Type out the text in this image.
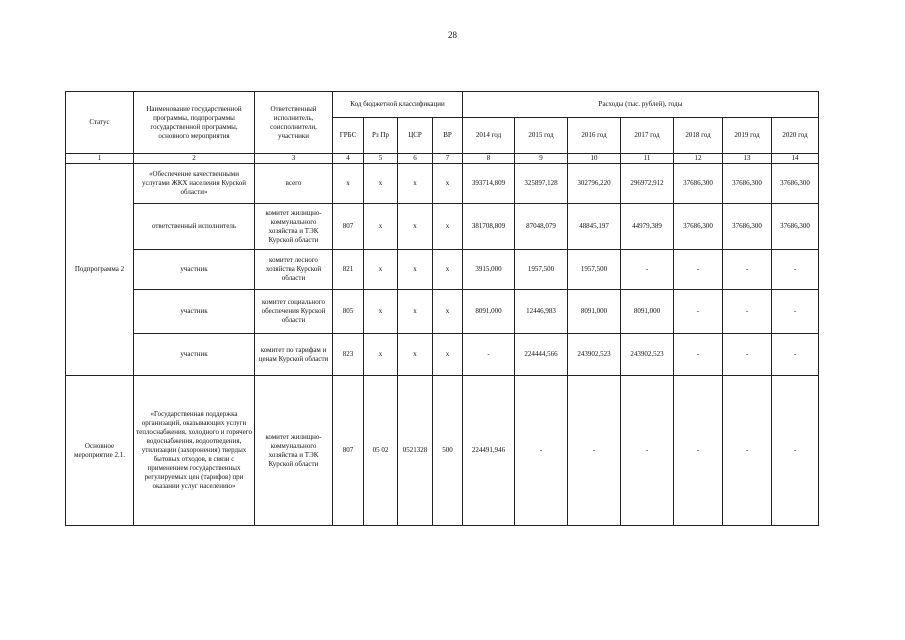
28
Статус	Наименование государственной программы, подпрограммы государственной программы, основного мероприятия	Ответственный исполнитель, соисполнители, участники	Код бюджетной классификации				Расходы (тыс. рублей), годы						
			ГРБС	Рз Пр	ЦСР	ВР	2014 год	2015 год	2016 год	2017 год	2018 год	2019 год	2020 год
1	2	3	4	5	6	7	8	9	10	11	12	13	14
Подпрограмма 2	«Обеспечение качественными услугами ЖКХ населения Курской области»	всего	х	х	х	х	393714,809	325897,128	302796,220	296972,912	37686,300	37686,300	37686,300
	ответственный исполнитель	комитет жилищно-коммунального хозяйства и ТЭК Курской области	807	х	х	х	381708,809	87048,079	48845,197	44979,389	37686,300	37686,300	37686,300
	участник	комитет лесного хозяйства Курской области	821	х	х	х	3915,000	1957,500	1957,500	-	-	-	-
	участник	комитет социального обеспечения Курской области	805	х	х	х	8091,000	12446,983	8091,000	8091,000	-	-	-
	участник	комитет по тарифам и ценам Курской области	823	х	х	х	-	224444,566	243902,523	243902,523	-	-	-
Основное мероприятие 2.1.	«Государственная поддержка организаций, оказывающих услуги теплоснабжения, холодного и горячего водоснабжения, водоотведения, утилизации (захоронения) твердых бытовых отходов, в связи с применением государственных регулируемых цен (тарифов) при оказании услуг населению»	комитет жилищно-коммунального хозяйства и ТЭК Курской области	807	05 02	0521328	500	224491,946	-	-	-	-	-	-
